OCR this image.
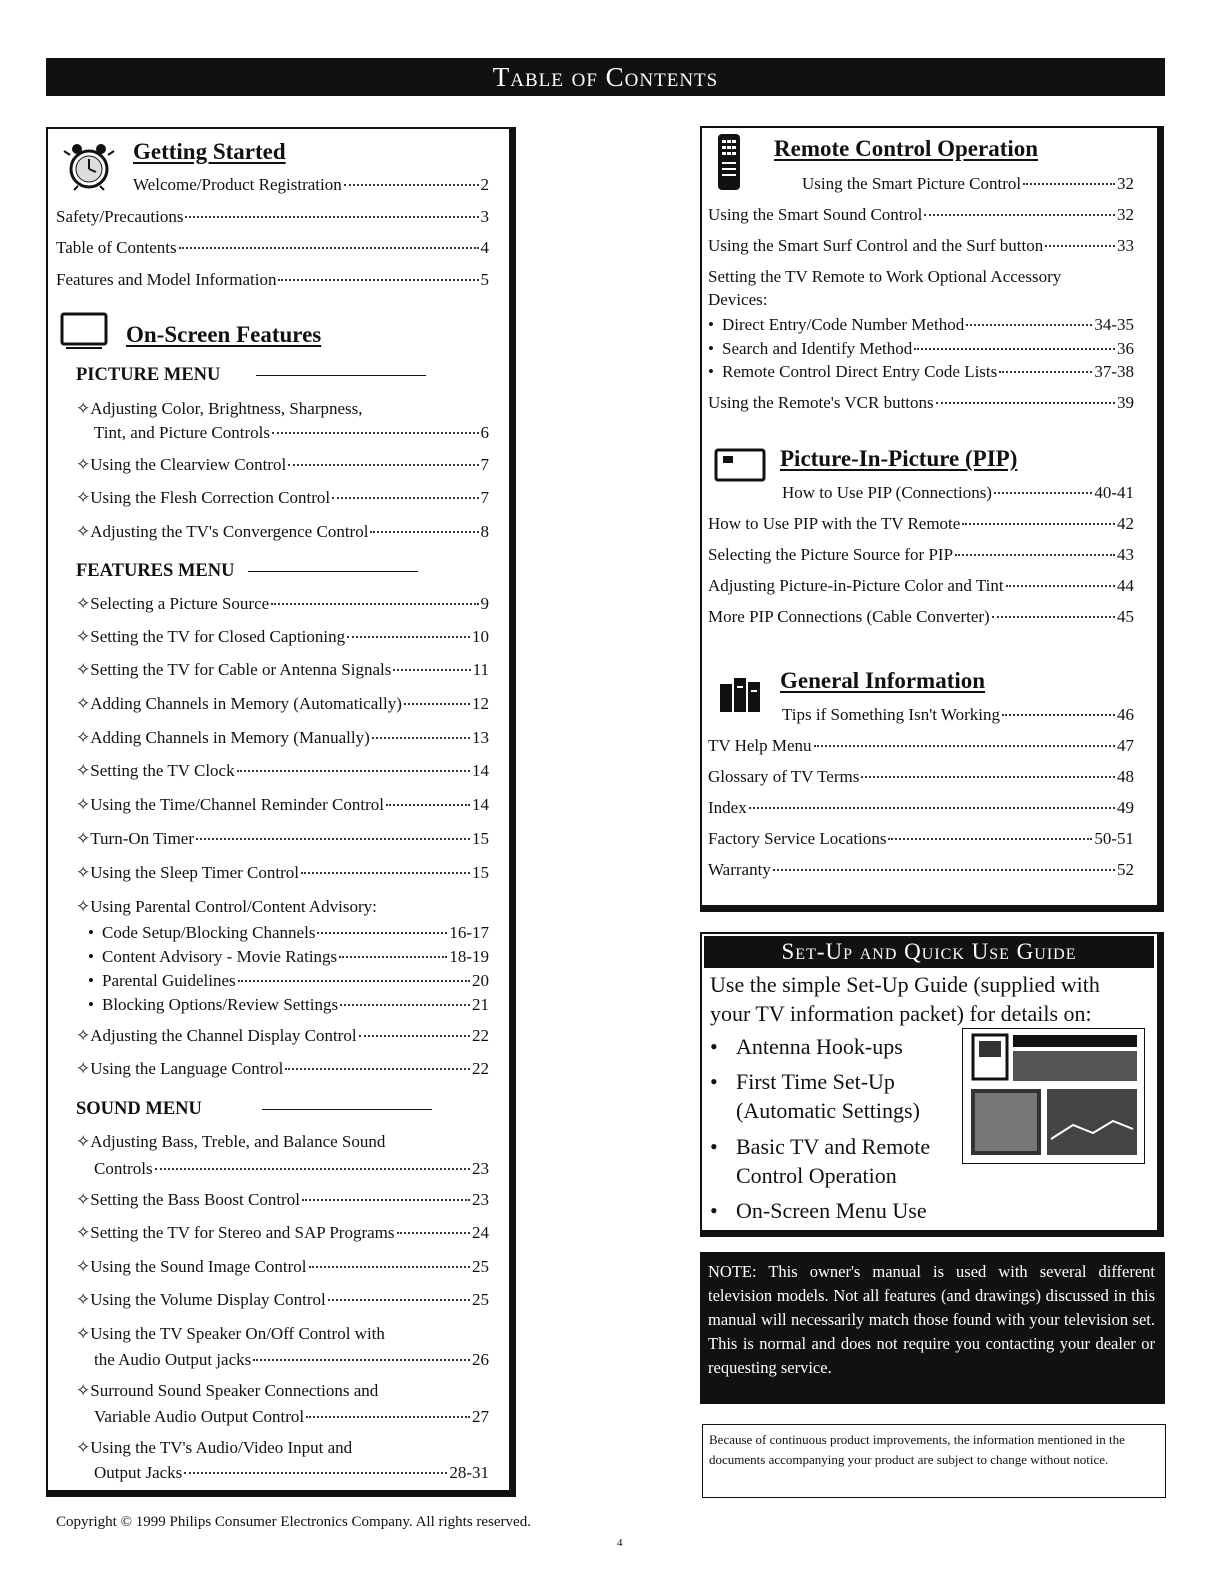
Table of Contents
Getting Started
Welcome/Product Registration	2
Safety/Precautions	3
Table of Contents	4
Features and Model Information	5
On-Screen Features
PICTURE MENU
✧Adjusting Color, Brightness, Sharpness,
Tint, and Picture Controls	6
✧Using the Clearview Control	7
✧Using the Flesh Correction Control	7
✧Adjusting the TV's Convergence Control	8
FEATURES MENU
✧Selecting a Picture Source	9
✧Setting the TV for Closed Captioning	10
✧Setting the TV for Cable or Antenna Signals	11
✧Adding Channels in Memory (Automatically)	12
✧Adding Channels in Memory (Manually)	13
✧Setting the TV Clock	14
✧Using the Time/Channel Reminder Control	14
✧Turn-On Timer	15
✧Using the Sleep Timer Control	15
✧Using Parental Control/Content Advisory:
• Code Setup/Blocking Channels	16-17
• Content Advisory - Movie Ratings	18-19
• Parental Guidelines	20
• Blocking Options/Review Settings	21
✧Adjusting the Channel Display Control	22
✧Using the Language Control	22
SOUND MENU
✧Adjusting Bass, Treble, and Balance Sound
Controls	23
✧Setting the Bass Boost Control	23
✧Setting the TV for Stereo and SAP Programs	24
✧Using the Sound Image Control	25
✧Using the Volume Display Control	25
✧Using the TV Speaker On/Off Control with
the Audio Output jacks	26
✧Surround Sound Speaker Connections and
Variable Audio Output Control	27
✧Using the TV's Audio/Video Input and
Output Jacks	28-31
Remote Control Operation
Using the Smart Picture Control	32
Using the Smart Sound Control	32
Using the Smart Surf Control and the Surf button	33
Setting the TV Remote to Work Optional Accessory
Devices:
• Direct Entry/Code Number Method	34-35
• Search and Identify Method	36
• Remote Control Direct Entry Code Lists	37-38
Using the Remote's VCR buttons	39
Picture-In-Picture (PIP)
How to Use PIP (Connections)	40-41
How to Use PIP with the TV Remote	42
Selecting the Picture Source for PIP	43
Adjusting Picture-in-Picture Color and Tint	44
More PIP Connections (Cable Converter)	45
General Information
Tips if Something Isn't Working	46
TV Help Menu	47
Glossary of TV Terms	48
Index	49
Factory Service Locations	50-51
Warranty	52
Set-Up and Quick Use Guide
Use the simple Set-Up Guide (supplied with
your TV information packet) for details on:
• Antenna Hook-ups
• First Time Set-Up
(Automatic Settings)
• Basic TV and Remote
Control Operation
• On-Screen Menu Use
NOTE: This owner's manual is used with several different television models. Not all features (and drawings) discussed in this manual will necessarily match those found with your television set. This is normal and does not require you contacting your dealer or requesting service.
Because of continuous product improvements, the information mentioned in the documents accompanying your product are subject to change without notice.
Copyright © 1999 Philips Consumer Electronics Company. All rights reserved.
4
